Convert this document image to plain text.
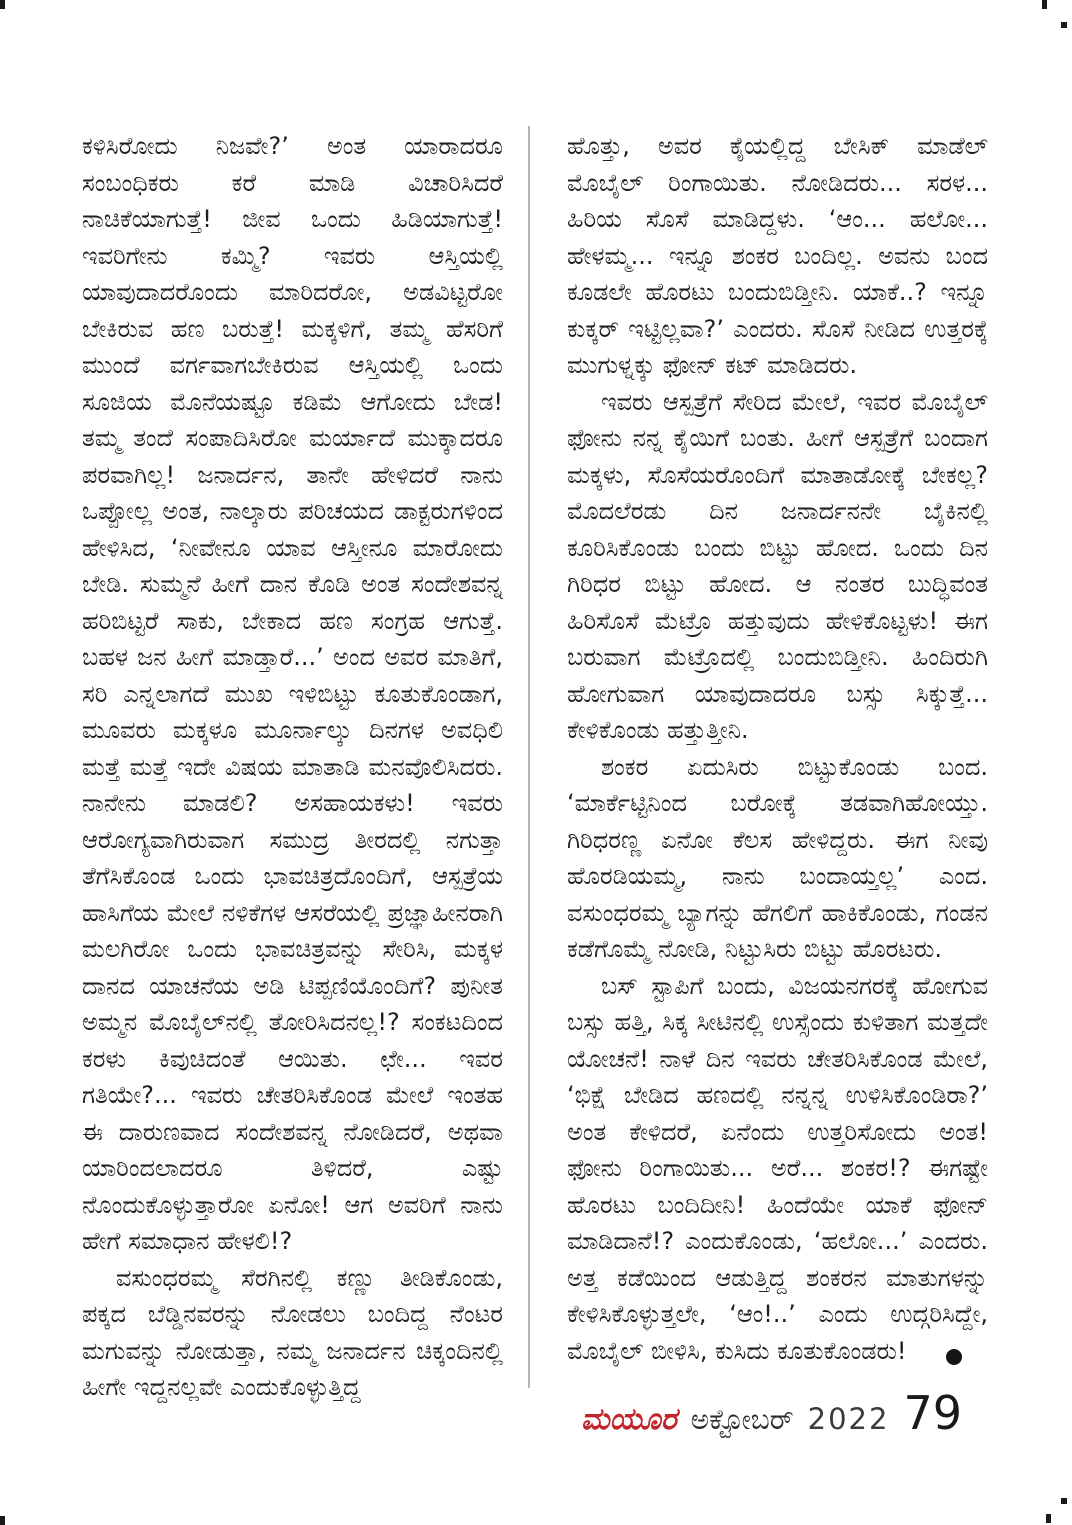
ಕಳಿಸಿರೋದು ನಿಜವೇ?’ ಅಂತ ಯಾರಾದರೂ ಸಂಬಂಧಿಕರು ಕರೆ ಮಾಡಿ ವಿಚಾರಿಸಿದರೆ ನಾಚಿಕೆಯಾಗುತ್ತೆ! ಜೀವ ಒಂದು ಹಿಡಿಯಾಗುತ್ತೆ! ಇವರಿಗೇನು ಕಮ್ಮಿ? ಇವರು ಆಸ್ತಿಯಲ್ಲಿ ಯಾವುದಾದರೊಂದು ಮಾರಿದರೋ, ಅಡವಿಟ್ಟರೋ ಬೇಕಿರುವ ಹಣ ಬರುತ್ತೆ! ಮಕ್ಕಳಿಗೆ, ತಮ್ಮ ಹೆಸರಿಗೆ ಮುಂದೆ ವರ್ಗವಾಗಬೇಕಿರುವ ಆಸ್ತಿಯಲ್ಲಿ ಒಂದು ಸೂಜಿಯ ಮೊನೆಯಷ್ಟೂ ಕಡಿಮೆ ಆಗೋದು ಬೇಡ! ತಮ್ಮ ತಂದೆ ಸಂಪಾದಿಸಿರೋ ಮರ್ಯಾದೆ ಮುಕ್ಕಾದರೂ ಪರವಾಗಿಲ್ಲ! ಜನಾರ್ದನ, ತಾನೇ ಹೇಳಿದರೆ ನಾನು ಒಪ್ಪೋಲ್ಲ ಅಂತ, ನಾಲ್ಕಾರು ಪರಿಚಯದ ಡಾಕ್ಟರುಗಳಿಂದ ಹೇಳಿಸಿದ, ‘ನೀವೇನೂ ಯಾವ ಆಸ್ತೀನೂ ಮಾರೋದು ಬೇಡಿ. ಸುಮ್ಮನೆ ಹೀಗೆ ದಾನ ಕೊಡಿ ಅಂತ ಸಂದೇಶವನ್ನ ಹರಿಬಿಟ್ಟರೆ ಸಾಕು, ಬೇಕಾದ ಹಣ ಸಂಗ್ರಹ ಆಗುತ್ತೆ. ಬಹಳ ಜನ ಹೀಗೆ ಮಾಡ್ತಾರೆ...’ ಅಂದ ಅವರ ಮಾತಿಗೆ, ಸರಿ ಎನ್ನಲಾಗದೆ ಮುಖ ಇಳಿಬಿಟ್ಟು ಕೂತುಕೊಂಡಾಗ, ಮೂವರು ಮಕ್ಕಳೂ ಮೂರ್ನಾಲ್ಕು ದಿನಗಳ ಅವಧಿಲಿ ಮತ್ತೆ ಮತ್ತೆ ಇದೇ ವಿಷಯ ಮಾತಾಡಿ ಮನವೊಲಿಸಿದರು. ನಾನೇನು ಮಾಡಲಿ? ಅಸಹಾಯಕಳು! ಇವರು ಆರೋಗ್ಯವಾಗಿರುವಾಗ ಸಮುದ್ರ ತೀರದಲ್ಲಿ ನಗುತ್ತಾ ತೆಗೆಸಿಕೊಂಡ ಒಂದು ಭಾವಚಿತ್ರದೊಂದಿಗೆ, ಆಸ್ಪತ್ರೆಯ ಹಾಸಿಗೆಯ ಮೇಲೆ ನಳಿಕೆಗಳ ಆಸರೆಯಲ್ಲಿ ಪ್ರಜ್ಞಾಹೀನರಾಗಿ ಮಲಗಿರೋ ಒಂದು ಭಾವಚಿತ್ರವನ್ನು ಸೇರಿಸಿ, ಮಕ್ಕಳ ದಾನದ ಯಾಚನೆಯ ಅಡಿ ಟಿಪ್ಪಣಿಯೊಂದಿಗೆ? ಪುನೀತ ಅಮ್ಮನ ಮೊಬೈಲ್‌ನಲ್ಲಿ ತೋರಿಸಿದನಲ್ಲ!? ಸಂಕಟದಿಂದ ಕರಳು ಕಿವುಚಿದಂತೆ ಆಯಿತು. ಛೇ... ಇವರ ಗತಿಯೇ?... ಇವರು ಚೇತರಿಸಿಕೊಂಡ ಮೇಲೆ ಇಂತಹ ಈ ದಾರುಣವಾದ ಸಂದೇಶವನ್ನ ನೋಡಿದರೆ, ಅಥವಾ ಯಾರಿಂದಲಾದರೂ ತಿಳಿದರೆ, ಎಷ್ಟು ನೊಂದುಕೊಳ್ಳುತ್ತಾರೋ ಏನೋ! ಆಗ ಅವರಿಗೆ ನಾನು ಹೇಗೆ ಸಮಾಧಾನ ಹೇಳಲಿ!?

ವಸುಂಧರಮ್ಮ ಸೆರಗಿನಲ್ಲಿ ಕಣ್ಣು ತೀಡಿಕೊಂಡು, ಪಕ್ಕದ ಬೆಡ್ಡಿನವರನ್ನು ನೋಡಲು ಬಂದಿದ್ದ ನೆಂಟರ ಮಗುವನ್ನು ನೋಡುತ್ತಾ, ನಮ್ಮ ಜನಾರ್ದನ ಚಿಕ್ಕಂದಿನಲ್ಲಿ ಹೀಗೇ ಇದ್ದನಲ್ಲವೇ ಎಂದುಕೊಳ್ಳುತ್ತಿದ್ದ

ಹೊತ್ತು, ಅವರ ಕೈಯಲ್ಲಿದ್ದ ಬೇಸಿಕ್ ಮಾಡೆಲ್ ಮೊಬೈಲ್ ರಿಂಗಾಯಿತು. ನೋಡಿದರು... ಸರಳ... ಹಿರಿಯ ಸೊಸೆ ಮಾಡಿದ್ದಳು. ‘ಆಂ... ಹಲೋ... ಹೇಳಮ್ಮ... ಇನ್ನೂ ಶಂಕರ ಬಂದಿಲ್ಲ. ಅವನು ಬಂದ ಕೂಡಲೇ ಹೊರಟು ಬಂದುಬಿಡ್ತೀನಿ. ಯಾಕೆ..? ಇನ್ನೂ ಕುಕ್ಕರ್ ಇಟ್ಟಿಲ್ಲವಾ?’ ಎಂದರು. ಸೊಸೆ ನೀಡಿದ ಉತ್ತರಕ್ಕೆ ಮುಗುಳ್ನಕ್ಕು ಫೋನ್ ಕಟ್ ಮಾಡಿದರು.

ಇವರು ಆಸ್ಪತ್ರೆಗೆ ಸೇರಿದ ಮೇಲೆ, ಇವರ ಮೊಬೈಲ್ ಫೋನು ನನ್ನ ಕೈಯಿಗೆ ಬಂತು. ಹೀಗೆ ಆಸ್ಪತ್ರೆಗೆ ಬಂದಾಗ ಮಕ್ಕಳು, ಸೊಸೆಯರೊಂದಿಗೆ ಮಾತಾಡೋಕ್ಕೆ ಬೇಕಲ್ಲ? ಮೊದಲೆರಡು ದಿನ ಜನಾರ್ದನನೇ ಬೈಕಿನಲ್ಲಿ ಕೂರಿಸಿಕೊಂಡು ಬಂದು ಬಿಟ್ಟು ಹೋದ. ಒಂದು ದಿನ ಗಿರಿಧರ ಬಿಟ್ಟು ಹೋದ. ಆ ನಂತರ ಬುದ್ಧಿವಂತ ಹಿರಿಸೊಸೆ ಮೆಟ್ರೊ ಹತ್ತುವುದು ಹೇಳಿಕೊಟ್ಟಳು! ಈಗ ಬರುವಾಗ ಮೆಟ್ರೊದಲ್ಲಿ ಬಂದುಬಿಡ್ತೀನಿ. ಹಿಂದಿರುಗಿ ಹೋಗುವಾಗ ಯಾವುದಾದರೂ ಬಸ್ಸು ಸಿಕ್ಕುತ್ತೆ... ಕೇಳಿಕೊಂಡು ಹತ್ತುತ್ತೀನಿ.

ಶಂಕರ ಏದುಸಿರು ಬಿಟ್ಟುಕೊಂಡು ಬಂದ. ‘ಮಾರ್ಕೆಟ್ಟಿನಿಂದ ಬರೋಕ್ಕೆ ತಡವಾಗಿಹೋಯ್ತು. ಗಿರಿಧರಣ್ಣ ಏನೋ ಕೆಲಸ ಹೇಳಿದ್ದರು. ಈಗ ನೀವು ಹೊರಡಿಯಮ್ಮ, ನಾನು ಬಂದಾಯ್ತಲ್ಲ’ ಎಂದ. ವಸುಂಧರಮ್ಮ ಬ್ಯಾಗನ್ನು ಹೆಗಲಿಗೆ ಹಾಕಿಕೊಂಡು, ಗಂಡನ ಕಡೆಗೊಮ್ಮೆ ನೋಡಿ, ನಿಟ್ಟುಸಿರು ಬಿಟ್ಟು ಹೊರಟರು.

ಬಸ್ ಸ್ಟಾಪಿಗೆ ಬಂದು, ವಿಜಯನಗರಕ್ಕೆ ಹೋಗುವ ಬಸ್ಸು ಹತ್ತಿ, ಸಿಕ್ಕ ಸೀಟಿನಲ್ಲಿ ಉಸ್ಸೆಂದು ಕುಳಿತಾಗ ಮತ್ತದೇ ಯೋಚನೆ! ನಾಳೆ ದಿನ ಇವರು ಚೇತರಿಸಿಕೊಂಡ ಮೇಲೆ, ‘ಭಿಕ್ಷೆ ಬೇಡಿದ ಹಣದಲ್ಲಿ ನನ್ನನ್ನ ಉಳಿಸಿಕೊಂಡಿರಾ?’ ಅಂತ ಕೇಳಿದರೆ, ಏನೆಂದು ಉತ್ತರಿಸೋದು ಅಂತ! ಫೋನು ರಿಂಗಾಯಿತು... ಅರೆ... ಶಂಕರ!? ಈಗಷ್ಟೇ ಹೊರಟು ಬಂದಿದೀನಿ! ಹಿಂದೆಯೇ ಯಾಕೆ ಫೋನ್ ಮಾಡಿದಾನೆ!? ಎಂದುಕೊಂಡು, ‘ಹಲೋ...’ ಎಂದರು. ಅತ್ತ ಕಡೆಯಿಂದ ಆಡುತ್ತಿದ್ದ ಶಂಕರನ ಮಾತುಗಳನ್ನು ಕೇಳಿಸಿಕೊಳ್ಳುತ್ತಲೇ, ‘ಆಂ!..’ ಎಂದು ಉದ್ಗರಿಸಿದ್ದೇ, ಮೊಬೈಲ್ ಬೀಳಿಸಿ, ಕುಸಿದು ಕೂತುಕೊಂಡರು!

ಮಯೂರ ಅಕ್ಟೋಬರ್ 2022 79
